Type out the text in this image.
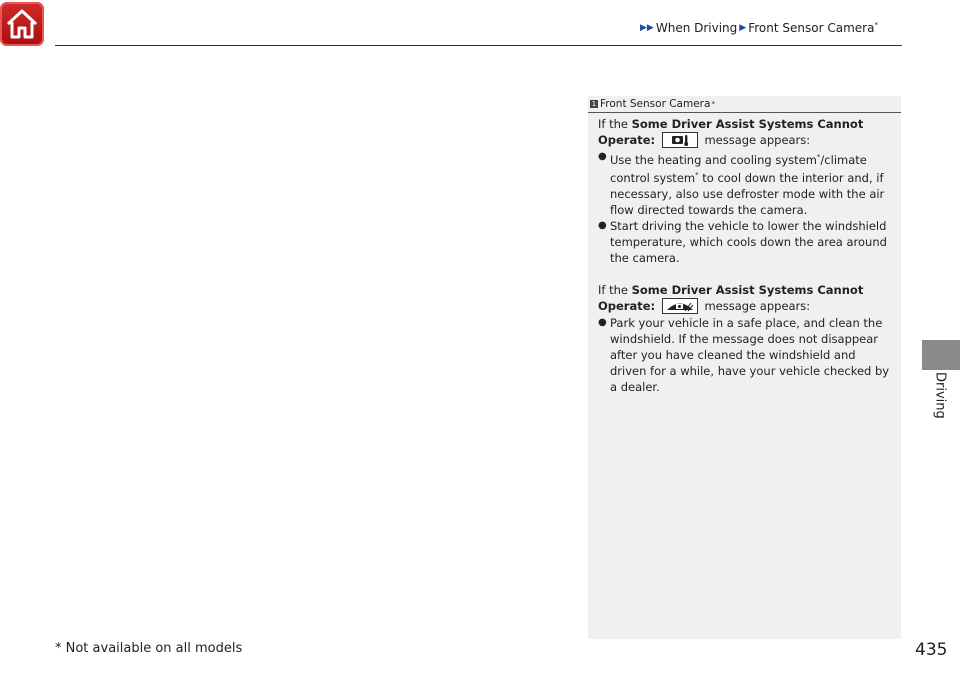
▶▶ When Driving ▶ Front Sensor Camera*
Driving
1 Front Sensor Camera *

If the Some Driver Assist Systems Cannot

Operate:	message appears:

● Use the heating and cooling system*/climate control system* to cool down the interior and, if necessary, also use defroster mode with the air flow directed towards the camera.

● Start driving the vehicle to lower the windshield temperature, which cools down the area around the camera.

If the Some Driver Assist Systems Cannot

Operate:	message appears:

● Park your vehicle in a safe place, and clean the windshield. If the message does not disappear after you have cleaned the windshield and driven for a while, have your vehicle checked by a dealer.

* Not available on all models	435
